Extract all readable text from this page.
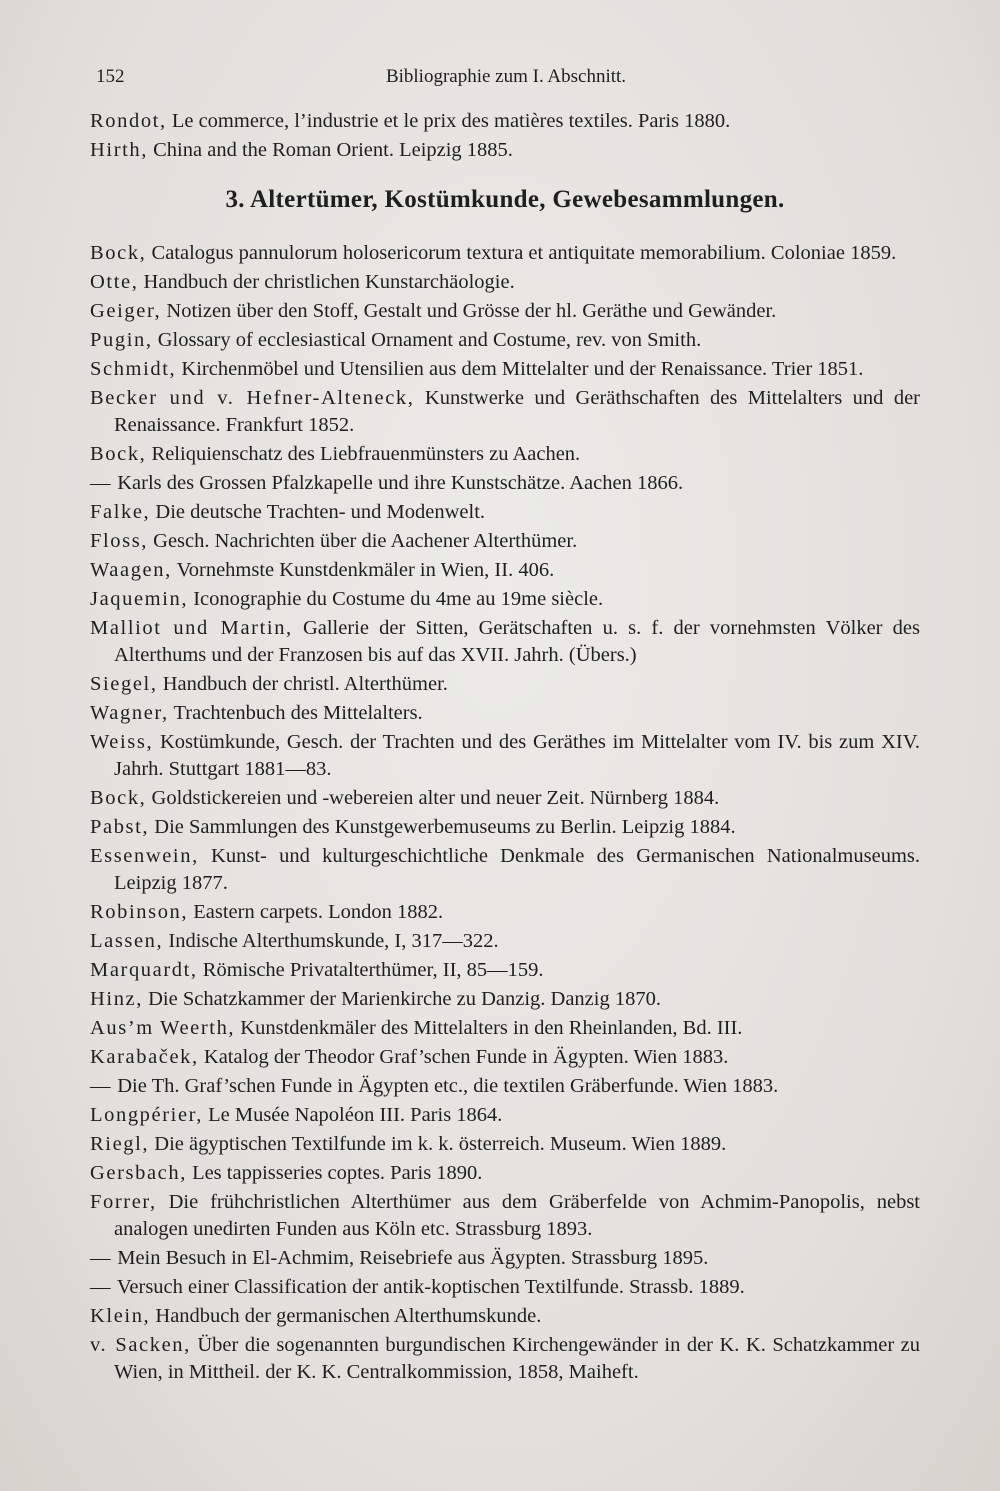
152	Bibliographie zum I. Abschnitt.

Rondot, Le commerce, l’industrie et le prix des matières textiles. Paris 1880.

Hirth, China and the Roman Orient. Leipzig 1885.

3. Altertümer, Kostümkunde, Gewebesammlungen.

Bock, Catalogus pannulorum holosericorum textura et antiquitate memorabilium. Coloniae 1859.

Otte, Handbuch der christlichen Kunstarchäologie.

Geiger, Notizen über den Stoff, Gestalt und Grösse der hl. Geräthe und Gewänder.

Pugin, Glossary of ecclesiastical Ornament and Costume, rev. von Smith.

Schmidt, Kirchenmöbel und Utensilien aus dem Mittelalter und der Renaissance. Trier 1851.

Becker und v. Hefner-Alteneck, Kunstwerke und Geräthschaften des Mittelalters und der Renaissance. Frankfurt 1852.

Bock, Reliquienschatz des Liebfrauenmünsters zu Aachen.

— Karls des Grossen Pfalzkapelle und ihre Kunstschätze. Aachen 1866.

Falke, Die deutsche Trachten- und Modenwelt.

Floss, Gesch. Nachrichten über die Aachener Alterthümer.

Waagen, Vornehmste Kunstdenkmäler in Wien, II. 406.

Jaquemin, Iconographie du Costume du 4me au 19me siècle.

Malliot und Martin, Gallerie der Sitten, Gerätschaften u. s. f. der vornehmsten Völker des Alterthums und der Franzosen bis auf das XVII. Jahrh. (Übers.)

Siegel, Handbuch der christl. Alterthümer.

Wagner, Trachtenbuch des Mittelalters.

Weiss, Kostümkunde, Gesch. der Trachten und des Geräthes im Mittelalter vom IV. bis zum XIV. Jahrh. Stuttgart 1881—83.

Bock, Goldstickereien und -webereien alter und neuer Zeit. Nürnberg 1884.

Pabst, Die Sammlungen des Kunstgewerbemuseums zu Berlin. Leipzig 1884.

Essenwein, Kunst- und kulturgeschichtliche Denkmale des Germanischen Nationalmuseums. Leipzig 1877.

Robinson, Eastern carpets. London 1882.

Lassen, Indische Alterthumskunde, I, 317—322.

Marquardt, Römische Privatalterthümer, II, 85—159.

Hinz, Die Schatzkammer der Marienkirche zu Danzig. Danzig 1870.

Aus’m Weerth, Kunstdenkmäler des Mittelalters in den Rheinlanden, Bd. III.

Karabaček, Katalog der Theodor Graf’schen Funde in Ägypten. Wien 1883.

— Die Th. Graf’schen Funde in Ägypten etc., die textilen Gräberfunde. Wien 1883.

Longpérier, Le Musée Napoléon III. Paris 1864.

Riegl, Die ägyptischen Textilfunde im k. k. österreich. Museum. Wien 1889.

Gersbach, Les tappisseries coptes. Paris 1890.

Forrer, Die frühchristlichen Alterthümer aus dem Gräberfelde von Achmim-Panopolis, nebst analogen unedirten Funden aus Köln etc. Strassburg 1893.

— Mein Besuch in El-Achmim, Reisebriefe aus Ägypten. Strassburg 1895.

— Versuch einer Classification der antik-koptischen Textilfunde. Strassb. 1889.

Klein, Handbuch der germanischen Alterthumskunde.

v. Sacken, Über die sogenannten burgundischen Kirchengewänder in der K. K. Schatzkammer zu Wien, in Mittheil. der K. K. Centralkommission, 1858, Maiheft.
